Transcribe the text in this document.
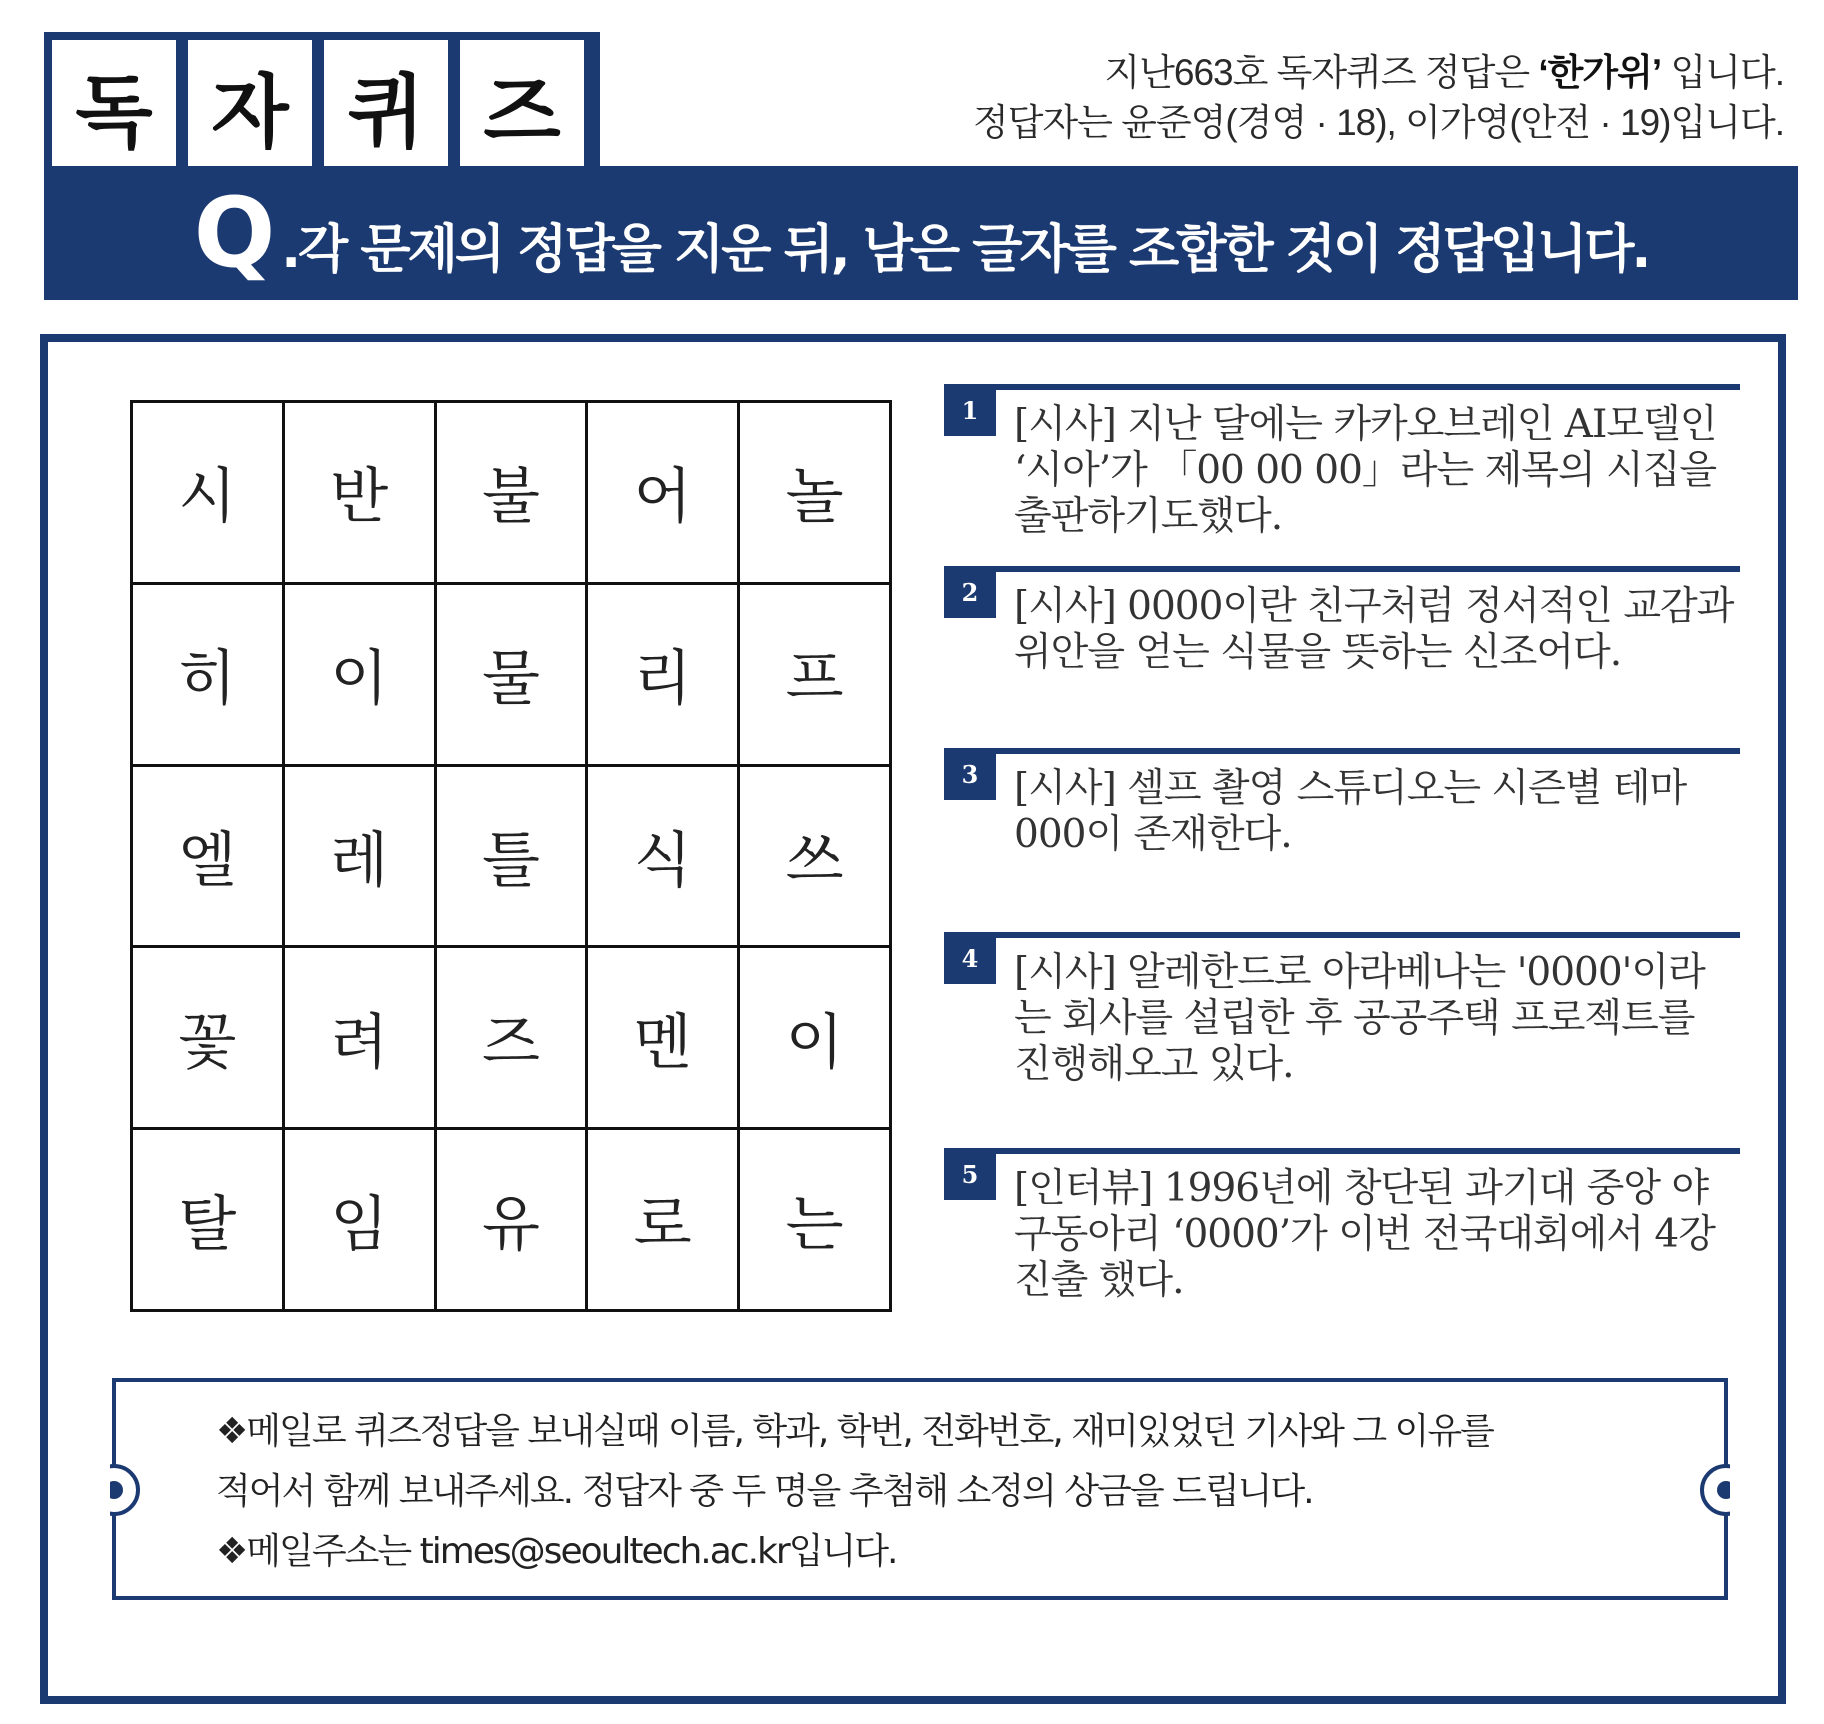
독 자 퀴 즈	지난663호 독자퀴즈 정답은 ‘한가위’ 입니다.
정답자는 윤준영(경영 · 18), 이가영(안전 · 19)입니다.
Q .각 문제의 정답을 지운 뒤, 남은 글자를 조합한 것이 정답입니다.
시	반	불	어	놀
히	이	물	리	프
엘	레	틀	식	쓰
꽃	려	즈	멘	이
탈	임	유	로	는
1 [시사] 지난 달에는 카카오브레인 AI모델인 ‘시아’가 「00 00 00」라는 제목의 시집을 출판하기도했다.
2 [시사] 0000이란 친구처럼 정서적인 교감과 위안을 얻는 식물을 뜻하는 신조어다.
3 [시사] 셀프 촬영 스튜디오는 시즌별 테마 000이 존재한다.
4 [시사] 알레한드로 아라베나는 '0000'이라는 회사를 설립한 후 공공주택 프로젝트를 진행해오고 있다.
5 [인터뷰] 1996년에 창단된 과기대 중앙 야구동아리 ‘0000’가 이번 전국대회에서 4강진출 했다.
❖메일로 퀴즈정답을 보내실때 이름, 학과, 학번, 전화번호, 재미있었던 기사와 그 이유를
적어서 함께 보내주세요. 정답자 중 두 명을 추첨해 소정의 상금을 드립니다.
❖메일주소는 times@seoultech.ac.kr입니다.
